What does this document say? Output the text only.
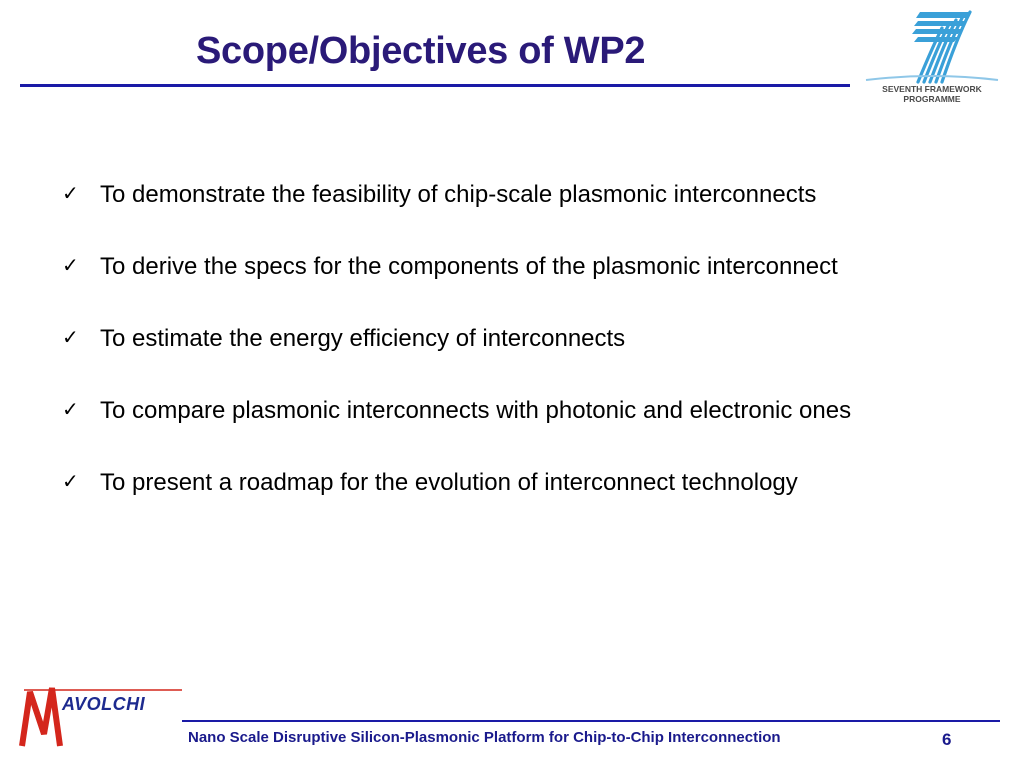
Scope/Objectives of WP2
SEVENTH FRAMEWORK
PROGRAMME
✓ To demonstrate the feasibility of chip-scale plasmonic interconnects
✓ To derive the specs for the components of the plasmonic interconnect
✓ To estimate the energy efficiency of interconnects
✓ To compare plasmonic interconnects with photonic and electronic ones
✓ To present a roadmap for the evolution of interconnect technology
AVOLCHI
Nano Scale Disruptive Silicon-Plasmonic Platform for Chip-to-Chip Interconnection	6
